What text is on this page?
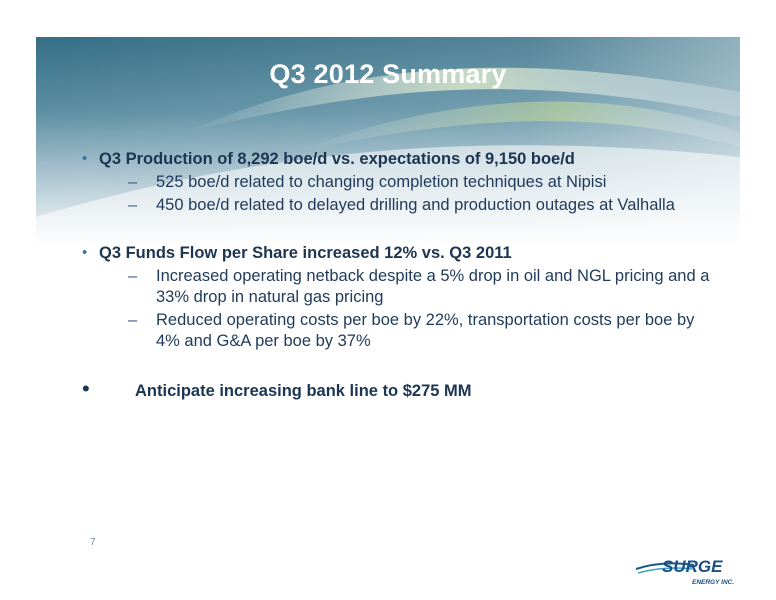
Q3 2012 Summary
• Q3 Production of 8,292 boe/d vs. expectations of 9,150 boe/d
– 525 boe/d related to changing completion techniques at Nipisi
– 450 boe/d related to delayed drilling and production outages at Valhalla
• Q3 Funds Flow per Share increased 12% vs. Q3 2011
– Increased operating netback despite a 5% drop in oil and NGL pricing and a 33% drop in natural gas pricing
– Reduced operating costs per boe by 22%, transportation costs per boe by 4% and G&A per boe by 37%
•	Anticipate increasing bank line to $275 MM
SURGE
ENERGY INC.
7
